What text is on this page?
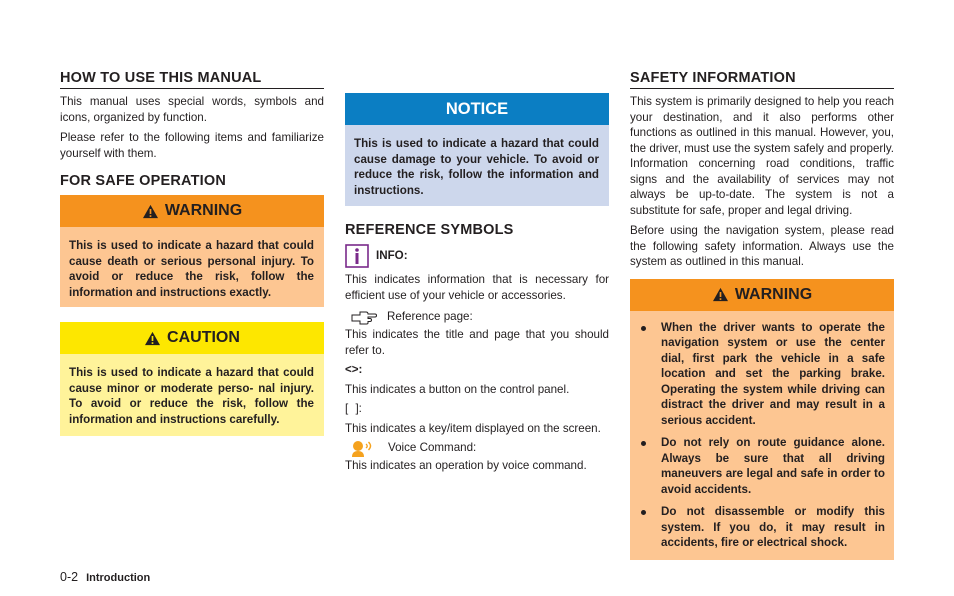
HOW TO USE THIS MANUAL

This manual uses special words, symbols and icons, organized by function.

Please refer to the following items and familiarize yourself with them.

FOR SAFE OPERATION
WARNING
This is used to indicate a hazard that could cause death or serious personal injury. To avoid or reduce the risk, follow the information and instructions exactly.
CAUTION
This is used to indicate a hazard that could cause minor or moderate perso- nal injury. To avoid or reduce the risk, follow the information and instructions carefully.
NOTICE
This is used to indicate a hazard that could cause damage to your vehicle. To avoid or reduce the risk, follow the information and instructions.
REFERENCE SYMBOLS
INFO:

This indicates information that is necessary for efficient use of your vehicle or accessories.

Reference page:

This indicates the title and page that you should refer to.

<>:

This indicates a button on the control panel.

[ ]:

This indicates a key/item displayed on the screen.

Voice Command:

This indicates an operation by voice command.

SAFETY INFORMATION

This system is primarily designed to help you reach your destination, and it also performs other functions as outlined in this manual. However, you, the driver, must use the system safely and properly. Information concerning road conditions, traffic signs and the availability of services may not always be up-to-date. The system is not a substitute for safe, proper and legal driving.

Before using the navigation system, please read the following safety information. Always use the system as outlined in this manual.

WARNING
When the driver wants to operate the navigation system or use the center dial, first park the vehicle in a safe location and set the parking brake. Operating the system while driving can distract the driver and may result in a serious accident.
Do not rely on route guidance alone. Always be sure that all driving maneuvers are legal and safe in order to avoid accidents.
Do not disassemble or modify this system. If you do, it may result in accidents, fire or electrical shock.
0-2 Introduction
